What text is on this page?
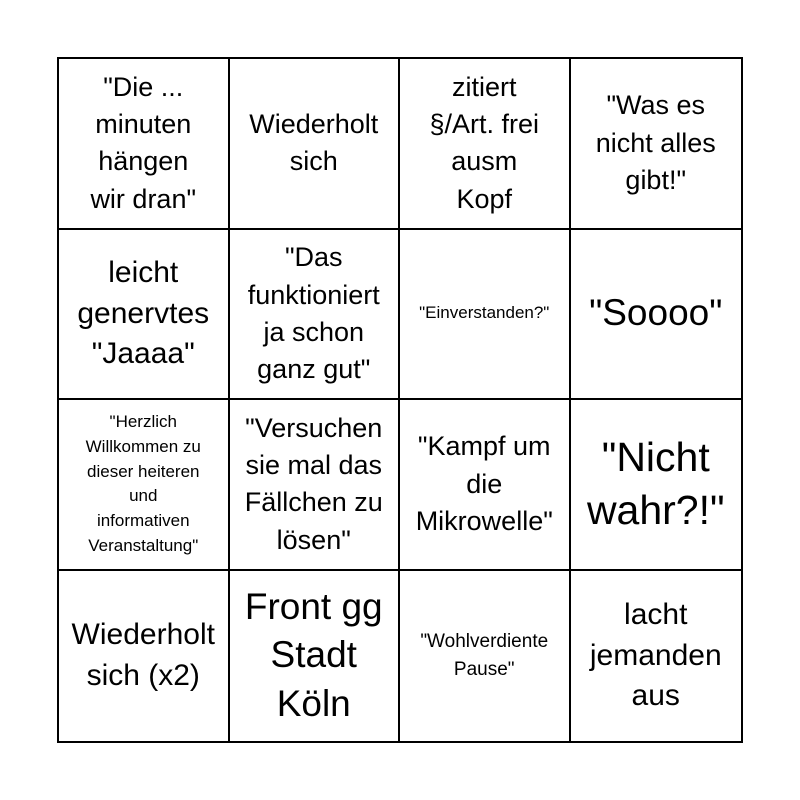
"Die ...
minuten
hängen
wir dran"
Wiederholt
sich
zitiert
§/Art. frei
ausm
Kopf
"Was es
nicht alles
gibt!"
leicht
genervtes
"Jaaaa"
"Das
funktioniert
ja schon
ganz gut"
"Einverstanden?" "Soooo"
"Herzlich
Willkommen zu
dieser heiteren
und
informativen
Veranstaltung"
"Versuchen
sie mal das
Fällchen zu
lösen"
"Kampf um
die
Mikrowelle"
"Nicht
wahr?!"
Wiederholt
sich (x2)
Front gg
Stadt
Köln
"Wohlverdiente
Pause"
lacht
jemanden
aus
